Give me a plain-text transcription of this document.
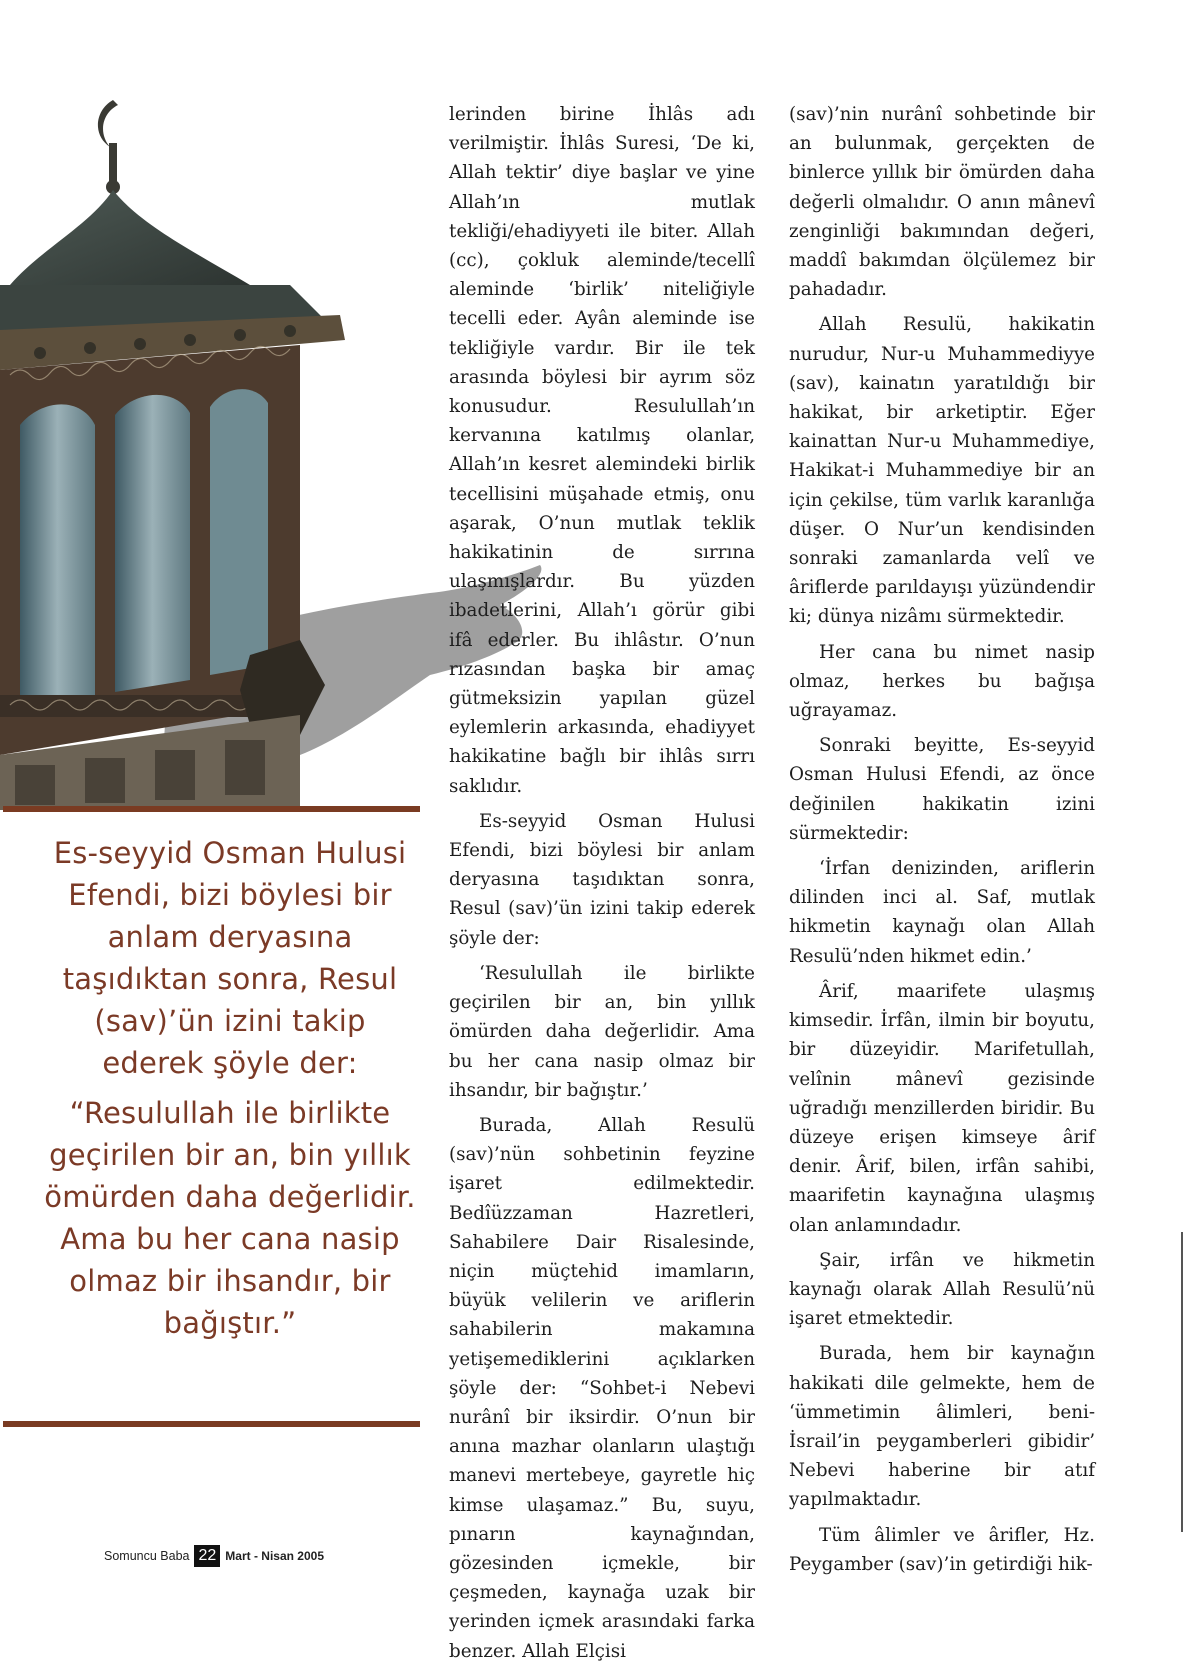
Es-seyyid Osman Hulusi Efendi, bizi böylesi bir anlam deryasına taşıdıktan sonra, Resul (sav)’ün izini takip ederek şöyle der:

“Resulullah ile birlikte geçirilen bir an, bin yıllık ömürden daha değerlidir. Ama bu her cana nasip olmaz bir ihsandır, bir bağıştır.”

lerinden birine İhlâs adı verilmiştir. İhlâs Suresi, ‘De ki, Allah tektir’ diye başlar ve yine Allah’ın mutlak tekliği/ehadiyyeti ile biter. Allah (cc), çokluk aleminde/tecellî aleminde ‘birlik’ niteliğiyle tecelli eder. Ayân aleminde ise tekliğiyle vardır. Bir ile tek arasında böylesi bir ayrım söz konusudur. Resulullah’ın kervanına katılmış olanlar, Allah’ın kesret alemindeki birlik tecellisini müşahade etmiş, onu aşarak, O’nun mutlak teklik hakikatinin de sırrına ulaşmışlardır. Bu yüzden ibadetlerini, Allah’ı görür gibi ifâ ederler. Bu ihlâstır. O’nun rızasından başka bir amaç gütmeksizin yapılan güzel eylemlerin arkasında, ehadiyyet hakikatine bağlı bir ihlâs sırrı saklıdır.

Es-seyyid Osman Hulusi Efendi, bizi böylesi bir anlam deryasına taşıdıktan sonra, Resul (sav)’ün izini takip ederek şöyle der:

‘Resulullah ile birlikte geçirilen bir an, bin yıllık ömürden daha değerlidir. Ama bu her cana nasip olmaz bir ihsandır, bir bağıştır.’

Burada, Allah Resulü (sav)’nün sohbetinin feyzine işaret edilmektedir. Bedîüzzaman Hazretleri, Sahabilere Dair Risalesinde, niçin müçtehid imamların, büyük velilerin ve ariflerin sahabilerin makamına yetişemediklerini açıklarken şöyle der: “Sohbet-i Nebevi nurânî bir iksirdir. O’nun bir anına mazhar olanların ulaştığı manevi mertebeye, gayretle hiç kimse ulaşamaz.” Bu, suyu, pınarın kaynağından, gözesinden içmekle, bir çeşmeden, kaynağa uzak bir yerinden içmek arasındaki farka benzer. Allah Elçisi

(sav)’nin nurânî sohbetinde bir an bulunmak, gerçekten de binlerce yıllık bir ömürden daha değerli olmalıdır. O anın mânevî zenginliği bakımından değeri, maddî bakımdan ölçülemez bir pahadadır.

Allah Resulü, hakikatin nurudur, Nur-u Muhammediyye (sav), kainatın yaratıldığı bir hakikat, bir arketiptir. Eğer kainattan Nur-u Muhammediye, Hakikat-i Muhammediye bir an için çekilse, tüm varlık karanlığa düşer. O Nur’un kendisinden sonraki zamanlarda velî ve âriflerde parıldayışı yüzündendir ki; dünya nizâmı sürmektedir.

Her cana bu nimet nasip olmaz, herkes bu bağışa uğrayamaz.

Sonraki beyitte, Es-seyyid Osman Hulusi Efendi, az önce değinilen hakikatin izini sürmektedir:

‘İrfan denizinden, ariflerin dilinden inci al. Saf, mutlak hikmetin kaynağı olan Allah Resulü’nden hikmet edin.’

Ârif, maarifete ulaşmış kimsedir. İrfân, ilmin bir boyutu, bir düzeyidir. Marifetullah, velînin mânevî gezisinde uğradığı menzillerden biridir. Bu düzeye erişen kimseye ârif denir. Ârif, bilen, irfân sahibi, maarifetin kaynağına ulaşmış olan anlamındadır.

Şair, irfân ve hikmetin kaynağı olarak Allah Resulü’nü işaret etmektedir.

Burada, hem bir kaynağın hakikati dile gelmekte, hem de ‘ümmetimin âlimleri, beni-İsrail’in peygamberleri gibidir’ Nebevi haberine bir atıf yapılmaktadır.

Tüm âlimler ve ârifler, Hz. Peygamber (sav)’in getirdiği hik-

Somuncu Baba 22 Mart - Nisan 2005
